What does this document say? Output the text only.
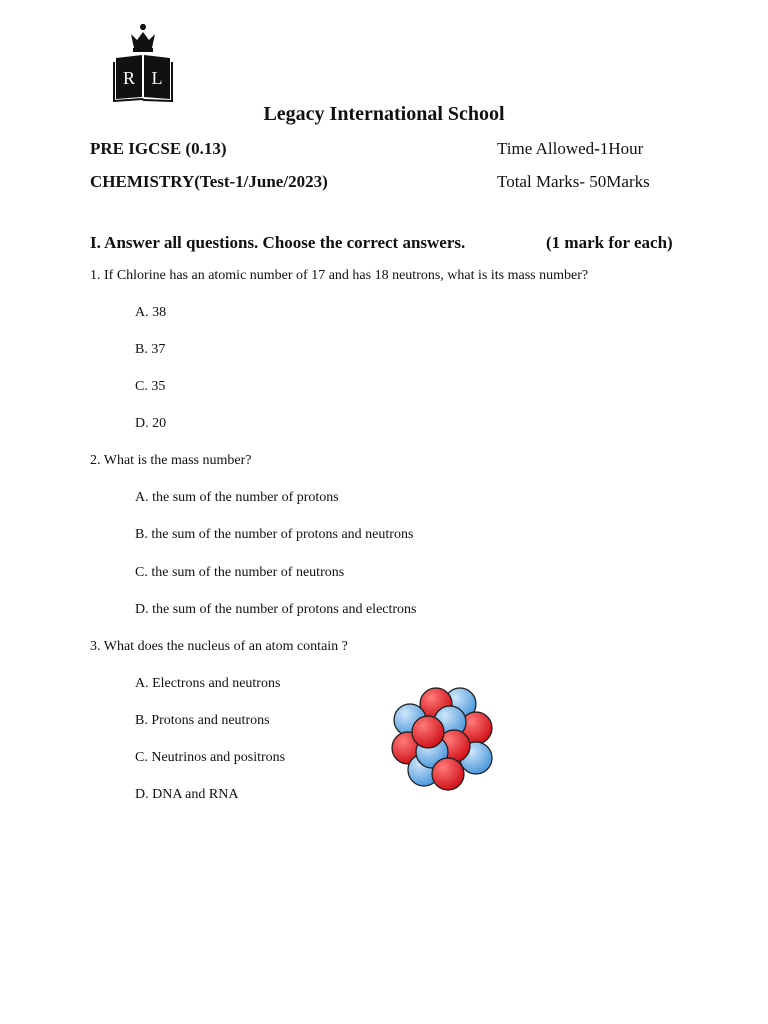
R L
Legacy International School
PRE IGCSE (0.13)	Time Allowed-1Hour
CHEMISTRY(Test-1/June/2023)	Total Marks- 50Marks
I. Answer all questions. Choose the correct answers.	(1 mark for each)
1. If Chlorine has an atomic number of 17 and has 18 neutrons, what is its mass number?
A. 38
B. 37
C. 35
D. 20
2. What is the mass number?
A. the sum of the number of protons
B. the sum of the number of protons and neutrons
C. the sum of the number of neutrons
D. the sum of the number of protons and electrons
3. What does the nucleus of an atom contain ?
A. Electrons and neutrons
B. Protons and neutrons
C. Neutrinos and positrons
D. DNA and RNA
